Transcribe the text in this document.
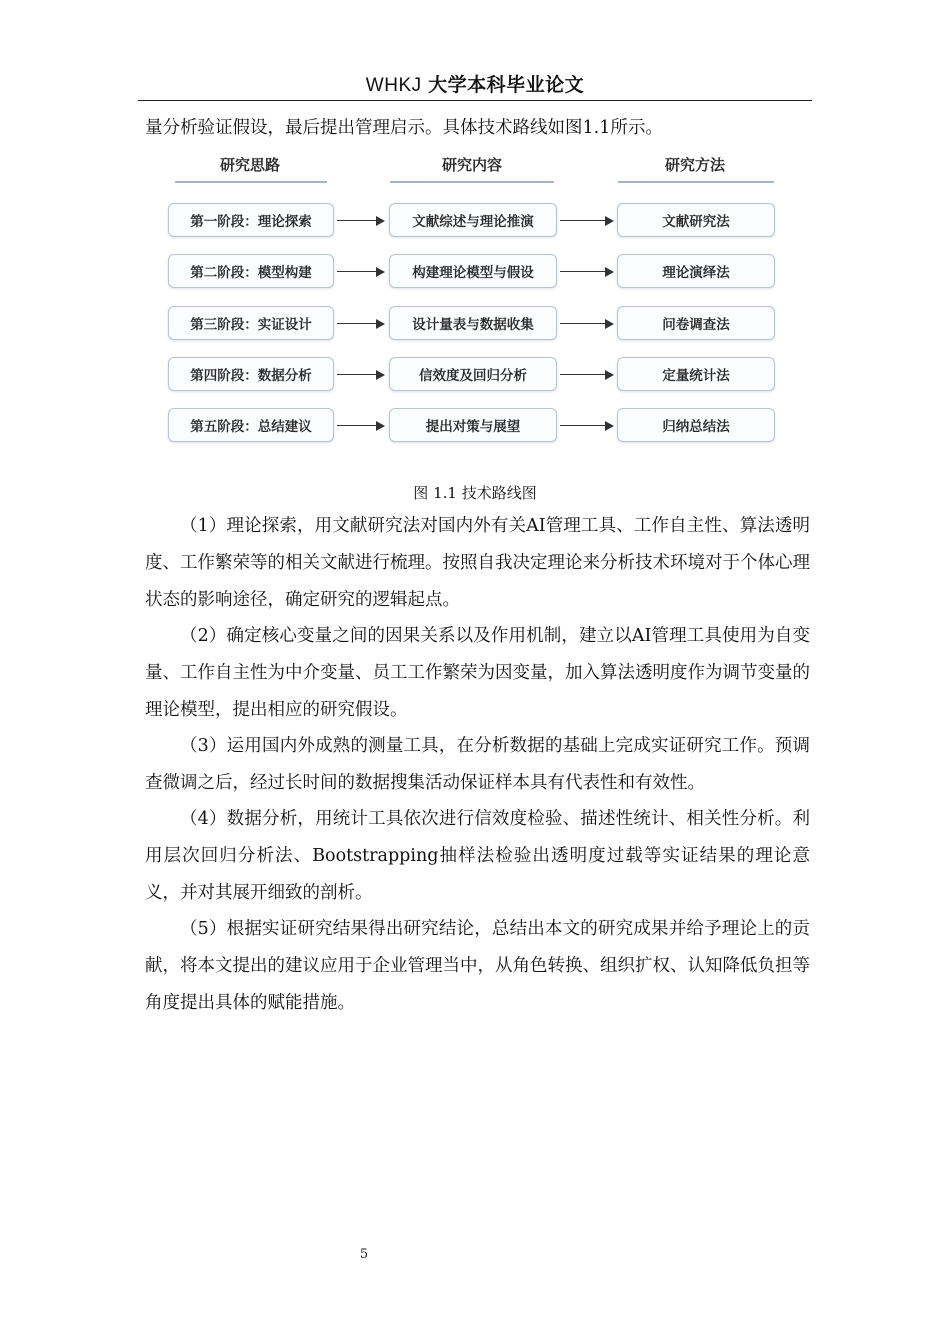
WHKJ 大学本科毕业论文
量分析验证假设，最后提出管理启示。具体技术路线如图1.1所示。
研究思路	研究内容	研究方法
第一阶段：理论探索	文献综述与理论推演	文献研究法
第二阶段：模型构建	构建理论模型与假设	理论演绎法
第三阶段：实证设计	设计量表与数据收集	问卷调查法
第四阶段：数据分析	信效度及回归分析	定量统计法
第五阶段：总结建议	提出对策与展望	归纳总结法
图 1.1 技术路线图

（1）理论探索，用文献研究法对国内外有关AI管理工具、工作自主性、算法透明度、工作繁荣等的相关文献进行梳理。按照自我决定理论来分析技术环境对于个体心理状态的影响途径，确定研究的逻辑起点。

（2）确定核心变量之间的因果关系以及作用机制，建立以AI管理工具使用为自变量、工作自主性为中介变量、员工工作繁荣为因变量，加入算法透明度作为调节变量的理论模型，提出相应的研究假设。

（3）运用国内外成熟的测量工具，在分析数据的基础上完成实证研究工作。预调查微调之后，经过长时间的数据搜集活动保证样本具有代表性和有效性。

（4）数据分析，用统计工具依次进行信效度检验、描述性统计、相关性分析。利用层次回归分析法、Bootstrapping抽样法检验出透明度过载等实证结果的理论意义，并对其展开细致的剖析。

（5）根据实证研究结果得出研究结论，总结出本文的研究成果并给予理论上的贡献，将本文提出的建议应用于企业管理当中，从角色转换、组织扩权、认知降低负担等角度提出具体的赋能措施。

5
